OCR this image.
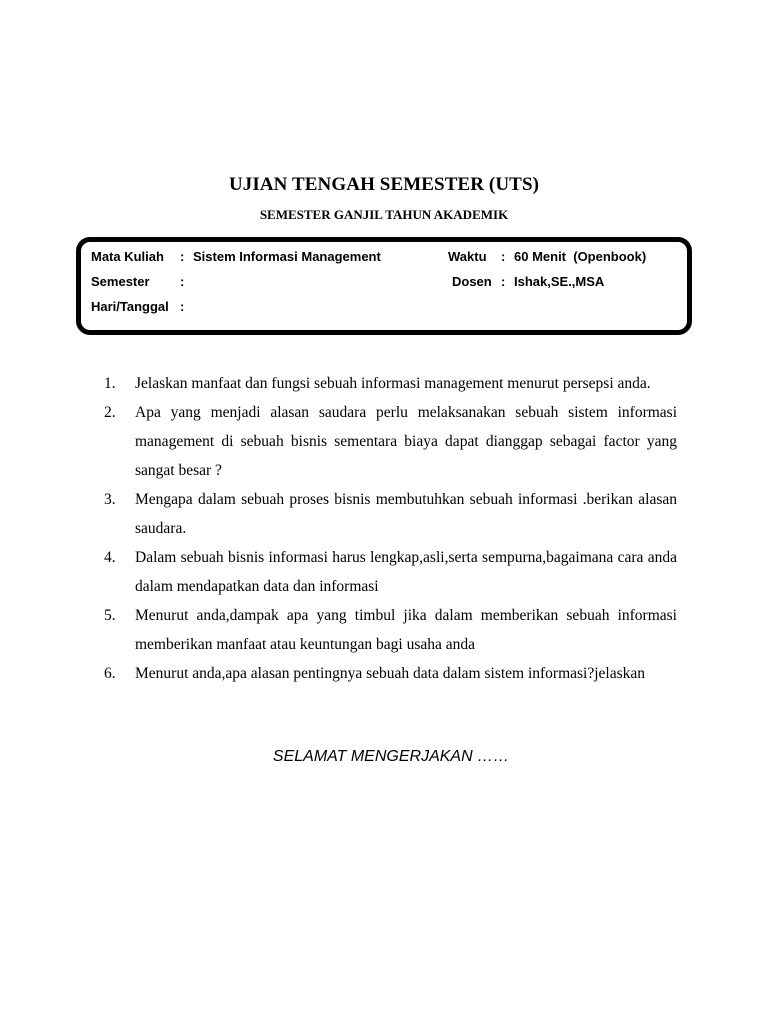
UJIAN TENGAH SEMESTER (UTS)
SEMESTER GANJIL TAHUN AKADEMIK
Mata Kuliah : Sistem Informasi Management
Semester :
Hari/Tanggal :
Waktu : 60 Menit  (Openbook)
Dosen : Ishak,SE.,MSA
1.	Jelaskan manfaat dan fungsi sebuah informasi management menurut persepsi anda.
2.	Apa yang menjadi alasan saudara perlu melaksanakan sebuah sistem informasi management di sebuah bisnis sementara biaya dapat dianggap sebagai factor yang sangat besar ?
3.	Mengapa dalam sebuah proses bisnis membutuhkan sebuah informasi .berikan alasan saudara.
4.	Dalam sebuah bisnis informasi harus lengkap,asli,serta sempurna,bagaimana cara anda dalam mendapatkan data dan informasi
5.	Menurut anda,dampak apa yang timbul jika dalam memberikan sebuah informasi memberikan manfaat atau keuntungan bagi usaha anda
6.	Menurut anda,apa alasan pentingnya sebuah data dalam sistem informasi?jelaskan
SELAMAT MENGERJAKAN ……
